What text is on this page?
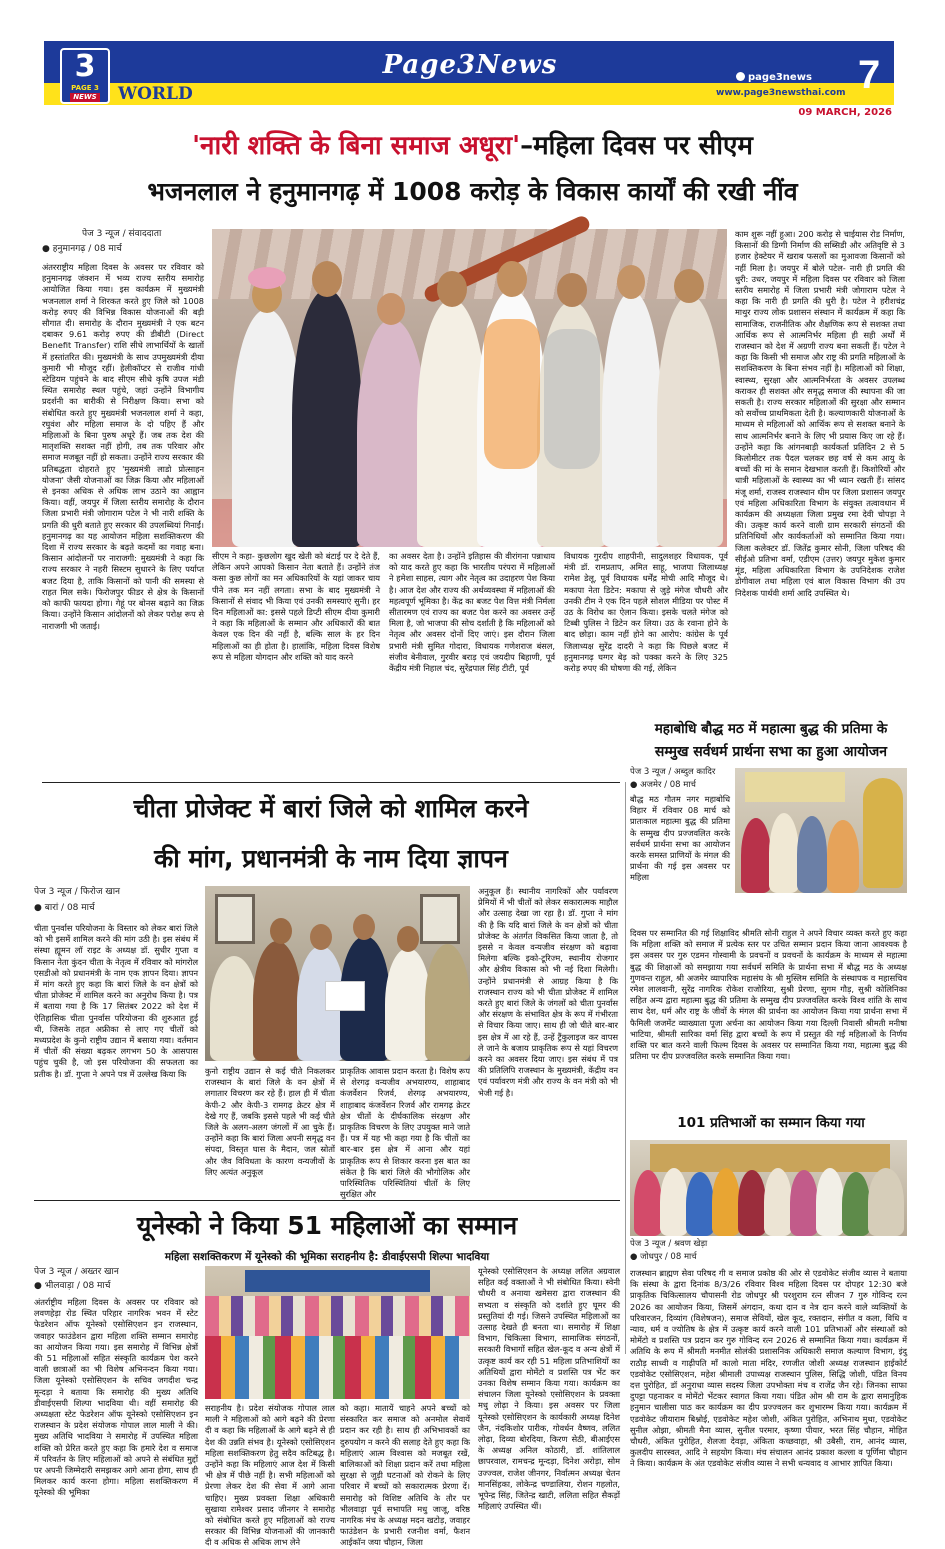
3
PAGE 3
NEWS WORLD
Page3News	page3news
www.page3newsthai.com 7
09 MARCH, 2026
'नारी शक्ति के बिना समाज अधूरा'–महिला दिवस पर सीएम
भजनलाल ने हनुमानगढ़ में 1008 करोड़ के विकास कार्यों की रखी नींव
पेज 3 न्यूज / संवाददाता
● हनुमानगढ़ / 08 मार्च
अंतरराष्ट्रीय महिला दिवस के अवसर पर रविवार को हनुमानगढ़ जंक्शन में भव्य राज्य स्तरीय समारोह आयोजित किया गया। इस कार्यक्रम में मुख्यमंत्री भजनलाल शर्मा ने शिरकत करते हुए जिले को 1008 करोड़ रुपए की विभिन्न विकास योजनाओं की बड़ी सौगात दी। समारोह के दौरान मुख्यमंत्री ने एक बटन दबाकर 9.61 करोड़ रुपए की डीबीटी (Direct Benefit Transfer) राशि सीधे लाभार्थियों के खातों में हस्तांतरित की। मुख्यमंत्री के साथ उपमुख्यमंत्री दीया कुमारी भी मौजूद रहीं। हेलीकॉप्टर से राजीव गांधी स्टेडियम पहुंचने के बाद सीएम सीधे कृषि उपज मंडी स्थित समारोह स्थल पहुंचे, जहां उन्होंने विभागीय प्रदर्शनी का बारीकी से निरीक्षण किया। सभा को संबोधित करते हुए मुख्यमंत्री भजनलाल शर्मा ने कहा, रघुवंश और महिला समाज के दो पहिए हैं और महिलाओं के बिना पुरुष अधूरे हैं। जब तक देश की मातृशक्ति सशक्त नहीं होगी, तब तक परिवार और समाज मजबूत नहीं हो सकता। उन्होंने राज्य सरकार की प्रतिबद्धता दोहराते हुए 'मुख्यमंत्री लाडो प्रोत्साहन योजना' जैसी योजनाओं का जिक्र किया और महिलाओं से इनका अधिक से अधिक लाभ उठाने का आह्वान किया। वहीं, जयपुर में जिला स्तरीय समारोह के दौरान जिला प्रभारी मंत्री जोगाराम पटेल ने भी नारी शक्ति के प्रगति की धुरी बताते हुए सरकार की उपलब्धियां गिनाईं। हनुमानगढ़ का यह आयोजन महिला सशक्तिकरण की दिशा में राज्य सरकार के बढ़ते कदमों का गवाह बना। किसान आंदोलनों पर नाराजगी: मुख्यमंत्री ने कहा कि राज्य सरकार ने नहरी सिस्टम सुधारने के लिए पर्याप्त बजट दिया है, ताकि किसानों को पानी की समस्या से राहत मिल सके। फिरोजपुर फीडर से क्षेत्र के किसानों को काफी फायदा होगा। गेहूं पर बोनस बढ़ाने का जिक्र किया। उन्होंने किसान आंदोलनों को लेकर परोक्ष रूप से नाराजगी भी जताई।
सीएम ने कहा- कुछलोग खुद खेती को बंटाई पर दे देते हैं, लेकिन अपने आपको किसान नेता बताते हैं। उन्होंने तंज कसा कुछ लोगों का मन अधिकारियों के यहां जाकर चाय पीने तक मन नहीं लगता। सभा के बाद मुख्यमंत्री ने किसानों से संवाद भी किया एवं उनकी समस्याएं सुनी। हर दिन महिलाओं का: इससे पहले डिप्टी सीएम दीया कुमारी ने कहा कि महिलाओं के सम्मान और अधिकारों की बात केवल एक दिन की नहीं है, बल्कि साल के हर दिन महिलाओं का ही होता है। हालांकि, महिला दिवस विशेष रूप से महिला योगदान और शक्ति को याद करने
का अवसर देता है। उन्होंने इतिहास की वीरांगना पन्नाधाय को याद करते हुए कहा कि भारतीय परंपरा में महिलाओं ने हमेशा साहस, त्याग और नेतृत्व का उदाहरण पेश किया है। आज देश और राज्य की अर्थव्यवस्था में महिलाओं की महत्वपूर्ण भूमिका है। केंद्र का बजट पेश वित्त मंत्री निर्मला सीतारमण एवं राज्य का बजट पेश करने का अवसर उन्हें मिला है, जो भाजपा की सोच दर्शाती है कि महिलाओं को नेतृत्व और अवसर दोनों दिए जाएं। इस दौरान जिला प्रभारी मंत्री सुमित गोदारा, विधायक गणेशराज बंसल, संजीव बेनीवाल, गुरवीर बराड़ एवं जयदीप बिहाणी, पूर्व केंद्रीय मंत्री निहाल चंद, सुरेंद्रपाल सिंह टीटी, पूर्व
विधायक गुरदीप शाहपीनी, सादुलशहर विधायक, पूर्व मंत्री डॉ. रामप्रताप, अमित साहू, भाजपा जिलाध्यक्ष रामेश डेलू, पूर्व विधायक धर्मेंद्र मोची आदि मौजूद थे। मकापा नेता डिटेन: मकापा से जुड़े मंगेज चौधरी और उनकी टीम ने एक दिन पहले सोशल मीडिया पर पोस्ट में उठ के विरोध का ऐलान किया। इसके चलते मंगेज को टिब्बी पुलिस ने डिटेन कर लिया। उठ के रवाना होने के बाद छोड़ा। काम नहीं होने का आरोप: कांग्रेस के पूर्व जिलाध्यक्ष सुरेंद्र दादरी ने कहा कि पिछले बजट में हनुमानगढ़ घग्गर बेड़ को पक्का करने के लिए 325 करोड़ रुपए की घोषणा की गई, लेकिन
काम शुरू नहीं हुआ। 200 करोड़ से चाईयास रोड निर्माण, किसानों की डिग्गी निर्माण की सब्सिडी और अतिवृष्टि से 3 हजार हेक्टेयर में खराब फसलों का मुआवजा किसानों को नहीं मिला है। जयपुर में बोले पटेल- नारी ही प्रगति की धुरी: उधर, जयपुर में महिला दिवस पर रविवार को जिला स्तरीय समारोह में जिला प्रभारी मंत्री जोगाराम पटेल ने कहा कि नारी ही प्रगति की धुरी है। पटेल ने हरीशचंद्र माथुर राज्य लोक प्रशासन संस्थान में कार्यक्रम में कहा कि सामाजिक, राजनीतिक और शैक्षणिक रूप से सशक्त तथा आर्थिक रूप से आत्मनिर्भर महिला ही सही अर्थों में राजस्थान को देश में अग्रणी राज्य बना सकती हैं। पटेल ने कहा कि किसी भी समाज और राष्ट्र की प्रगति महिलाओं के सशक्तिकरण के बिना संभव नहीं है। महिलाओं को शिक्षा, स्वास्थ्य, सुरक्षा और आत्मनिर्भरता के अवसर उपलब्ध कराकर ही सशक्त और समृद्ध समाज की स्थापना की जा सकती है। राज्य सरकार महिलाओं की सुरक्षा और सम्मान को सर्वोच्च प्राथमिकता देती है। कल्याणकारी योजनाओं के माध्यम से महिलाओं को आर्थिक रूप से सशक्त बनाने के साथ आत्मनिर्भर बनाने के लिए भी प्रयास किए जा रहे हैं। उन्होंने कहा कि आंगनबाड़ी कार्यकर्ता प्रतिदिन 2 से 5 किलोमीटर तक पैदल चलकर छह वर्ष से कम आयु के बच्चों की मां के समान देखभाल करती हैं। किशोरियों और धात्री महिलाओं के स्वास्थ्य का भी ध्यान रखती हैं। सांसद मंजू शर्मा, राजस्व राजस्थान धीम पर जिला प्रशासन जयपुर एवं महिला अधिकारिता विभाग के संयुक्त तत्वावधान में कार्यक्रम की अध्यक्षता जिला प्रमुख रमा देवी चोपड़ा ने की। उत्कृष्ट कार्य करने वाली ग्राम सरकारी संगठनों की प्रतिनिधियों और कार्यकर्ताओं को सम्मानित किया गया। जिला कलेक्टर डॉ. जितेंद्र कुमार सोनी, जिला परिषद की सीईओ प्रतिभा वर्मा, एडीएम (उत्तर) जयपुर मुकेश कुमार मूंड, महिला अधिकारिता विभाग के उपनिदेशक राजेश डोगीवाल तथा महिला एवं बाल विकास विभाग की उप निदेशक पार्थवी शर्मा आदि उपस्थित थे।
चीता प्रोजेक्ट में बारां जिले को शामिल करने
की मांग, प्रधानमंत्री के नाम दिया ज्ञापन
पेज 3 न्यूज / फिरोज खान
● बारां / 08 मार्च
चीता पुनर्वास परियोजना के विस्तार को लेकर बारां जिले को भी इसमें शामिल करने की मांग उठी है। इस संबंध में संस्था ह्यूमन लॉ राइट के अध्यक्ष डॉ. सुधीर गुप्ता व किसान नेता कुंदन चीता के नेतृत्व में रविवार को मांगरोल एसडीओ को प्रधानमंत्री के नाम एक ज्ञापन दिया। ज्ञापन में मांग करते हुए कहा कि बारां जिले के वन क्षेत्रों को चीता प्रोजेक्ट में शामिल करने का अनुरोध किया है। पत्र में बताया गया है कि 17 सितंबर 2022 को देश में ऐतिहासिक चीता पुनर्वास परियोजना की शुरुआत हुई थी, जिसके तहत अफ्रीका से लाए गए चीतों को मध्यप्रदेश के कुनो राष्ट्रीय उद्यान में बसाया गया। वर्तमान में चीतों की संख्या बढ़कर लगभग 50 के आसपास पहुंच चुकी है, जो इस परियोजना की सफलता का प्रतीक है। डॉ. गुप्ता ने अपने पत्र में उल्लेख किया कि	कुनो राष्ट्रीय उद्यान से कई चीते निकलकर राजस्थान के बारां जिले के वन क्षेत्रों में लगातार विचरण कर रहे हैं। हाल ही में चीता केपी-2 और केपी-3 रामगढ़ क्रेटर क्षेत्र में देखे गए हैं, जबकि इससे पहले भी कई चीते जिले के अलग-अलग जंगलों में आ चुके हैं। उन्होंने कहा कि बारां जिला अपनी समृद्ध वन संपदा, विस्तृत घास के मैदान, जल स्रोतों और जैव विविधता के कारण वन्यजीवों के लिए अत्यंत अनुकूल
प्राकृतिक आवास प्रदान करता है। विशेष रूप से शेरगढ़ वन्यजीव अभयारण्य, शाहाबाद कंजर्वेशन रिजर्व, शेरगढ़ अभयारण्य, शाहाबाद कंजर्वेशन रिजर्व और रामगढ़ क्रेटर क्षेत्र चीतों के दीर्घकालिक संरक्षण और प्राकृतिक विचरण के लिए उपयुक्त माने जाते हैं। पत्र में यह भी कहा गया है कि चीतों का बार-बार इस क्षेत्र में आना और यहां प्राकृतिक रूप से शिकार करना इस बात का संकेत है कि बारां जिले की भौगोलिक और पारिस्थितिक परिस्थितियां चीतों के लिए सुरक्षित और
अनुकूल हैं। स्थानीय नागरिकों और पर्यावरण प्रेमियों में भी चीतों को लेकर सकारात्मक माहौल और उत्साह देखा जा रहा है। डॉ. गुप्ता ने मांग की है कि यदि बारां जिले के वन क्षेत्रों को चीता प्रोजेक्ट के अंतर्गत विकसित किया जाता है, तो इससे न केवल वन्यजीव संरक्षण को बढ़ावा मिलेगा बल्कि इको-टूरिज्म, स्थानीय रोजगार और क्षेत्रीय विकास को भी नई दिशा मिलेगी। उन्होंने प्रधानमंत्री से आग्रह किया है कि राजस्थान राज्य को भी चीता प्रोजेक्ट में शामिल करते हुए बारां जिले के जंगलों को चीता पुनर्वास और संरक्षण के संभावित क्षेत्र के रूप में गंभीरता से विचार किया जाए। साथ ही जो चीते बार-बार इस क्षेत्र में आ रहे हैं, उन्हें ट्रैंकुलाइज कर वापस ले जाने के बजाय प्राकृतिक रूप से यहां विचरण करने का अवसर दिया जाए। इस संबंध में पत्र की प्रतिलिपि राजस्थान के मुख्यमंत्री, केंद्रीय वन एवं पर्यावरण मंत्री और राज्य के वन मंत्री को भी भेजी गई है।
महाबोधि बौद्ध मठ में महात्मा बुद्ध की प्रतिमा के
सम्मुख सर्वधर्म प्रार्थना सभा का हुआ आयोजन
पेज 3 न्यूज / अब्दुल कादिर
● अजमेर / 08 मार्च
बौद्ध मठ गौतम नगर महाबोधि विहार में रविवार 08 मार्च को प्रातःकाल महात्मा बुद्ध की प्रतिमा के सम्मुख दीप प्रज्जवलित करके सर्वधर्म प्रार्थना सभा का आयोजन करके समस्त प्राणियों के मंगल की प्रार्थना की गई इस अवसर पर महिला
दिवस पर सम्मानित की गई शिक्षाविद श्रीमति सोनी राहुल ने अपने विचार व्यक्त करते हुए कहा कि महिला शक्ति को समाज में प्रत्येक स्तर पर उचित सम्मान प्रदान किया जाना आवश्यक है इस अवसर पर गुरु एडमन गोस्वामी के प्रवचनों व प्रवचनों के कार्यक्रम के माध्यम से महात्मा बुद्ध की शिक्षाओं को समझाया गया सर्वधर्म समिति के प्रार्थना सभा में बौद्ध मठ के अध्यक्ष गुणवन्त राहुल, श्री अजमेर व्यापारिक महासंघ के श्री मुस्लिम समिति के संस्थापक व महासचिव रमेश लालवानी, सुरेंद्र नागरिक रोकेश राजोरिया, सुश्री प्रेरणा, सुगम गौड़, सुश्री कोलिनिका सहित अन्य द्वारा महात्मा बुद्ध की प्रतिमा के सम्मुख दीप प्रज्जवलित करके विश्व शांति के साथ साथ देश, धर्म और राष्ट्र के जीवों के मंगल की प्रार्थना का आयोजन किया गया प्रार्थना सभा में फैमिली जजमेंट व्याख्याता पूजा अर्चना का आयोजन किया गया दिल्ली निवासी श्रीमती मनीषा भाटिया, श्रीमती सारिका वर्मा सिंह द्वारा बच्चों के रूप में प्रस्तुत की गई महिलाओं के निर्णय शक्ति पर बात करने वाली फिल्म दिवस के अवसर पर सम्मानित किया गया, महात्मा बुद्ध की प्रतिमा पर दीप प्रज्जवलित करके सम्मानित किया गया।
101 प्रतिभाओं का सम्मान किया गया
पेज 3 न्यूज / श्रवण खेड़ा
● जोधपुर / 08 मार्च
राजस्थान ब्राह्मण सेवा परिषद गी व समाज प्रकोष्ठ की ओर से एडवोकेट संजीव व्यास ने बताया कि संस्था के द्वारा दिनांक 8/3/26 रविवार विश्व महिला दिवस पर दोपहर 12:30 बजे प्राकृतिक चिकित्सालय चौपासनी रोड जोधपुर श्री परशुराम रत्न सीजन 7 गुरु गोविन्द रत्न 2026 का आयोजन किया, जिसमें अंगदान, कथा दान व नेत्र दान करने वाले व्यक्तियों के परिवारजन, दिव्यांग (विशेषजन), समाज सेवियों, खेल कूद, रक्तदान, संगीत व कला, विधि व न्याय, धर्म व ज्योतिष के क्षेत्र में उत्कृष्ट कार्य करने वाली 101 प्रतिभाओं और संस्थाओं को मोमेंटो व प्रशस्ति पत्र प्रदान कर गुरु गोविन्द रत्न 2026 से सम्मानित किया गया। कार्यक्रम में अतिथि के रूप में श्रीमती मनमीत सोलंकी प्रशासनिक अधिकारी समाज कल्याण विभाग, इंदु राठौड़ साध्वी व गाढ़ीपति माँ कालो माता मंदिर, रणजीत जोशी अध्यक्ष राजस्थान हाईकोर्ट एडवोकेट एसोसिएशन, महेश श्रीमाली उपाध्यक्ष राजस्थान पुलिस, सिद्धि जोशी, पंडित विनय दत्त पुरोहित, डॉ अनुराधा व्यास सदस्य जिला उपभोक्ता मंच व राजेंद्र जैन रहे। जिनका साफा दुपट्टा पहनाकर व मोमेंटो भेंटकर स्वागत किया गया। पंडित ओम श्री राम के द्वारा समानुहिक हनुमान चालीसा पाठ कर कार्यक्रम का दीप प्रज्ज्वलन कर शुभारम्भ किया गया। कार्यक्रम में एडवोकेट जीयाराम बिश्नोई, एडवोकेट महेश जोशी, अंकित पुरोहित, अभिनाथ मुथा, एडवोकेट सुनील ओझा, श्रीमती मैना व्यास, सुनील परमार, कृष्णा पीयार, भरत सिंह चौहान, मोहित चौधरी, अंकित पुरोहित, शैलजा देवड़ा, अंकिता कच्छवाहा, श्री उबैसी, राम, आनंद व्यास, कुलदीप सारस्वत, आदि ने सहयोग किया। मंच संचालन आनंद प्रकाश कल्ला व पूर्णिमा चौहान ने किया। कार्यक्रम के अंत एडवोकेट संजीव व्यास ने सभी धन्यवाद व आभार ज्ञापित किया।
यूनेस्को ने किया 51 महिलाओं का सम्मान
महिला सशक्तिकरण में यूनेस्को की भूमिका सराहनीय है: डीवाईएसपी शिल्पा भादविया
पेज 3 न्यूज / अख्तर खान
● भीलवाड़ा / 08 मार्च
अंतर्राष्ट्रीय महिला दिवस के अवसर पर रविवार को लवणहेड़ा रोड स्थित परिहार नागरिक भवन में स्टेट फेडरेशन ऑफ यूनेस्को एसोसिएशन इन राजस्थान, जवाहर फाउंडेशन द्वारा महिला शक्ति सम्मान समारोह का आयोजन किया गया। इस समारोह में विभिन्न क्षेत्रों की 51 महिलाओं सहित संस्कृति कार्यक्रम पेश करने वाली छात्राओं का भी विशेष अभिनन्दन किया गया। जिला यूनेस्को एसोसिएशन के सचिव जगदीश चन्द्र मून्दड़ा ने बताया कि समारोह की मुख्य अतिथि डीवाईएसपी शिल्पा भादविया थी। वहीं समारोह की अध्यक्षता स्टेट फेडरेशन ऑफ यूनेस्को एसोसिएशन इन राजस्थान के प्रदेश संयोजक गोपाल लाल माली ने की। मुख्य अतिथि भादविया ने समारोह में उपस्थित महिला शक्ति को प्रेरित करते हुए कहा कि हमारे देश व समाज में परिवर्तन के लिए महिलाओं को अपने से संबंधित मुद्दों पर अपनी जिम्मेदारी समझकर आगे आना होगा, साथ ही मिलकर कार्य करना होगा। महिला सशक्तिकरण में यूनेस्को की भूमिका
सराहनीय है। प्रदेश संयोजक गोपाल लाल माली ने महिलाओं को आगे बढ़ने की प्रेरणा दी व कहा कि महिलाओं के आगे बढ़ने से ही देश की उन्नति संभव है। यूनेस्को एसोसिएशन महिला सशक्तिकरण हेतु सदैव कटिबद्ध है। उन्होंने कहा कि महिलाएं आज देश में किसी भी क्षेत्र में पीछे नहीं है। सभी महिलाओं को प्रेरणा लेकर देश की सेवा में आगे आना चाहिए। मुख्य प्रवक्ता शिक्षा अधिकारी सुखाया रामेश्वर प्रसाद जीनगर ने समारोह को संबोधित करते हुए महिलाओं को राज्य सरकार की विभिन्न योजनाओं की जानकारी दी व अधिक से अधिक लाभ लेने
को कहा। मातायें चाहने अपने बच्चों को संस्कारित कर समाज को अनमोल सेवायें प्रदान कर रही है। साथ ही अभिभावकों का दुरुपयोग न करने की सलाह देते हुए कहा कि महिलाएं आत्म विश्वास को मजबूत रखें, बालिकाओं को शिक्षा प्रदान करें तथा महिला सुरक्षा से जुड़ी घटनाओं को रोकने के लिए परिवार में बच्चों को सकारात्मक प्रेरणा दें। समारोह को विशिष्ट अतिथि के तौर पर भीलवाड़ा पूर्व सभापति मधु जाजू, वरिष्ठ नागरिक मंच के अध्यक्ष मदन खटोड़, जवाहर फाउंडेशन के प्रभारी रजनीश वर्मा, फैशन आईकॉन जया चौहान, जिला
यूनेस्को एसोसिएशन के अध्यक्ष ललित अग्रवाल सहित कई वक्ताओं ने भी संबोधित किया। स्वेनी चौधरी व अनाया खमेसरा द्वारा राजस्थान की सभ्यता व संस्कृति को दर्शाते हुए घूमर की प्रस्तुतियां दी गई। जिसने उपस्थित महिलाओं का उत्साह देखते ही बनता था। समारोह में शिक्षा विभाग, चिकित्सा विभाग, सामाजिक संगठनों, सरकारी विभागों सहित खेल-कूद व अन्य क्षेत्रों में उत्कृष्ट कार्य कर रही 51 महिला प्रतिभाशियों का अतिथियों द्वारा मोमेंटो व प्रशस्ति पत्र भेंट कर उनका विशेष सम्मान किया गया। कार्यक्रम का संचालन जिला यूनेस्को एसोसिएशन के प्रवक्ता मधु लोढ़ा ने किया। इस अवसर पर जिला यूनेस्को एसोसिएशन के कार्यकारी अध्यक्ष दिनेश जैन, नंदकिशोर पारीक, गोवर्धन वैष्णव, ललित लोढ़ा, दिव्या बोरदिया, किरण सेठी, बीआईएस के अध्यक्ष अनिल कोठारी, डॉ. शांतिलाल छापरवाल, रामचन्द्र मून्दड़ा, दिनेश अरोड़ा, सोम उज्ज्वल, राजेश जीनगर, निर्वात्मन अध्यक्ष चेतन मानसिंहका, लोकेन्द्र चण्डालिया, रोशन गहलोत, भूपेन्द्र सिंह, जितेन्द्र खाटी, ललिता सहित सैकड़ों महिलाएं उपस्थित थीं।
